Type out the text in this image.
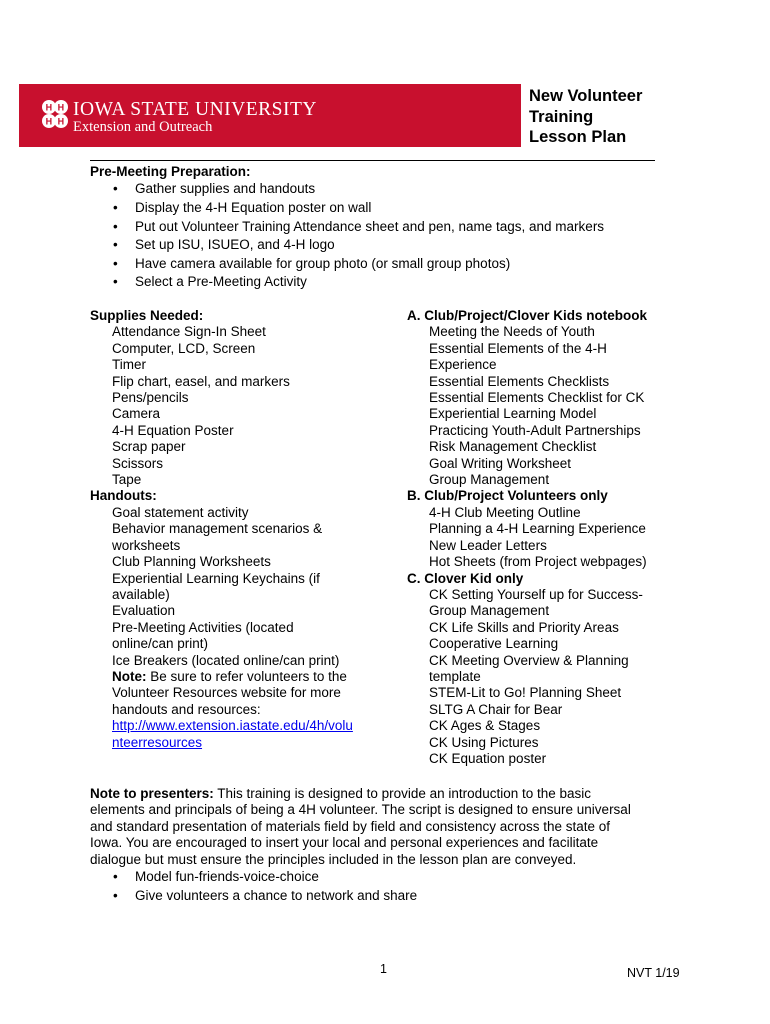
H H
H H
IOWA STATE UNIVERSITY
Extension and Outreach
New Volunteer
Training
Lesson Plan
Pre-Meeting Preparation:
• Gather supplies and handouts
• Display the 4-H Equation poster on wall
• Put out Volunteer Training Attendance sheet and pen, name tags, and markers
• Set up ISU, ISUEO, and 4-H logo
• Have camera available for group photo (or small group photos)
• Select a Pre-Meeting Activity
Supplies Needed:
Attendance Sign-In Sheet
Computer, LCD, Screen
Timer
Flip chart, easel, and markers
Pens/pencils
Camera
4-H Equation Poster
Scrap paper
Scissors
Tape
Handouts:
Goal statement activity
Behavior management scenarios &
worksheets
Club Planning Worksheets
Experiential Learning Keychains (if
available)
Evaluation
Pre-Meeting Activities (located
online/can print)
Ice Breakers (located online/can print)
Note: Be sure to refer volunteers to the
Volunteer Resources website for more
handouts and resources:
http://www.extension.iastate.edu/4h/volu
nteerresources
A. Club/Project/Clover Kids notebook
Meeting the Needs of Youth
Essential Elements of the 4-H
Experience
Essential Elements Checklists
Essential Elements Checklist for CK
Experiential Learning Model
Practicing Youth-Adult Partnerships
Risk Management Checklist
Goal Writing Worksheet
Group Management
B. Club/Project Volunteers only
4-H Club Meeting Outline
Planning a 4-H Learning Experience
New Leader Letters
Hot Sheets (from Project webpages)
C. Clover Kid only
CK Setting Yourself up for Success-
Group Management
CK Life Skills and Priority Areas
Cooperative Learning
CK Meeting Overview & Planning
template
STEM-Lit to Go! Planning Sheet
SLTG A Chair for Bear
CK Ages & Stages
CK Using Pictures
CK Equation poster
Note to presenters: This training is designed to provide an introduction to the basic
elements and principals of being a 4H volunteer. The script is designed to ensure universal
and standard presentation of materials field by field and consistency across the state of
Iowa. You are encouraged to insert your local and personal experiences and facilitate
dialogue but must ensure the principles included in the lesson plan are conveyed.
• Model fun-friends-voice-choice
• Give volunteers a chance to network and share
1	NVT 1/19
